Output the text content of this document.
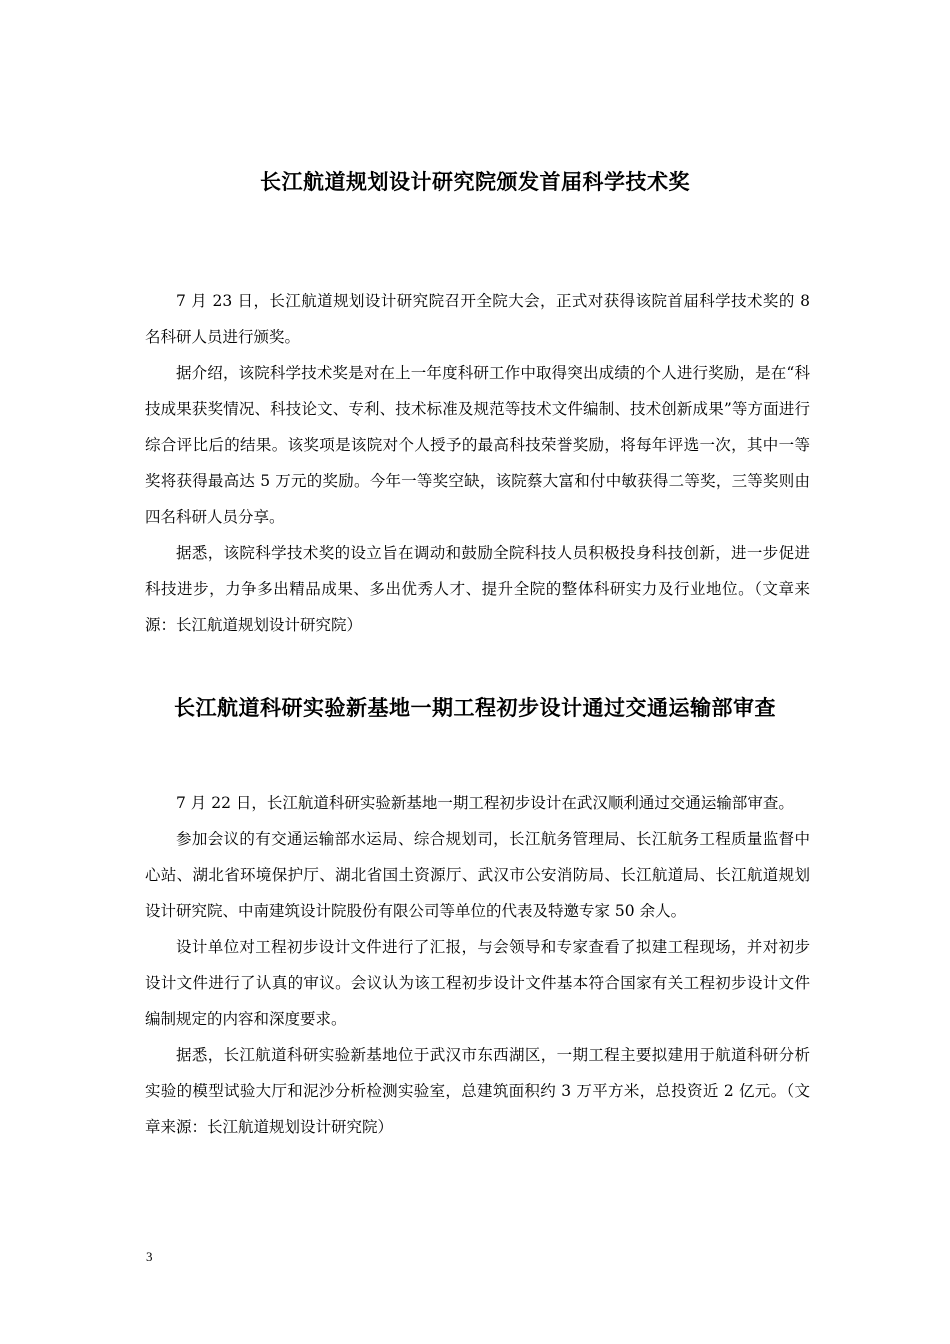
长江航道规划设计研究院颁发首届科学技术奖

7 月 23 日，长江航道规划设计研究院召开全院大会，正式对获得该院首届科学技术奖的 8 名科研人员进行颁奖。

据介绍，该院科学技术奖是对在上一年度科研工作中取得突出成绩的个人进行奖励，是在“科技成果获奖情况、科技论文、专利、技术标准及规范等技术文件编制、技术创新成果”等方面进行综合评比后的结果。该奖项是该院对个人授予的最高科技荣誉奖励，将每年评选一次，其中一等奖将获得最高达 5 万元的奖励。今年一等奖空缺，该院蔡大富和付中敏获得二等奖，三等奖则由四名科研人员分享。

据悉，该院科学技术奖的设立旨在调动和鼓励全院科技人员积极投身科技创新，进一步促进科技进步，力争多出精品成果、多出优秀人才、提升全院的整体科研实力及行业地位。（文章来源：长江航道规划设计研究院）

长江航道科研实验新基地一期工程初步设计通过交通运输部审查

7 月 22 日，长江航道科研实验新基地一期工程初步设计在武汉顺利通过交通运输部审查。

参加会议的有交通运输部水运局、综合规划司，长江航务管理局、长江航务工程质量监督中心站、湖北省环境保护厅、湖北省国土资源厅、武汉市公安消防局、长江航道局、长江航道规划设计研究院、中南建筑设计院股份有限公司等单位的代表及特邀专家 50 余人。

设计单位对工程初步设计文件进行了汇报，与会领导和专家查看了拟建工程现场，并对初步设计文件进行了认真的审议。会议认为该工程初步设计文件基本符合国家有关工程初步设计文件编制规定的内容和深度要求。

据悉，长江航道科研实验新基地位于武汉市东西湖区，一期工程主要拟建用于航道科研分析实验的模型试验大厅和泥沙分析检测实验室，总建筑面积约 3 万平方米，总投资近 2 亿元。（文章来源：长江航道规划设计研究院）

3
